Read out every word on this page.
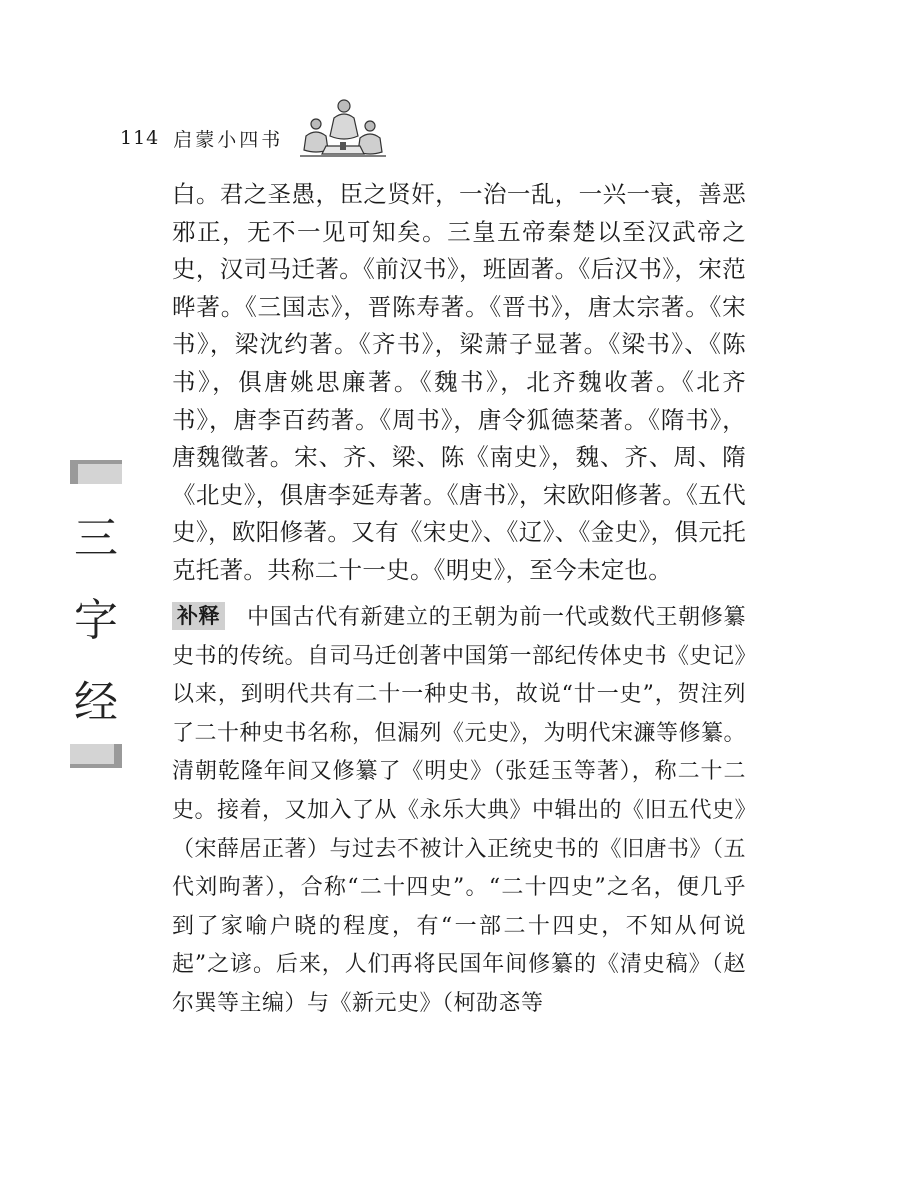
114 启蒙小四书
三字经
白。君之圣愚，臣之贤奸，一治一乱，一兴一衰，善恶邪正，无不一见可知矣。三皇五帝秦楚以至汉武帝之史，汉司马迁著。《前汉书》，班固著。《后汉书》，宋范晔著。《三国志》，晋陈寿著。《晋书》，唐太宗著。《宋书》，梁沈约著。《齐书》，梁萧子显著。《梁书》、《陈书》，俱唐姚思廉著。《魏书》，北齐魏收著。《北齐书》，唐李百药著。《周书》，唐令狐德棻著。《隋书》，唐魏徵著。宋、齐、梁、陈《南史》，魏、齐、周、隋《北史》，俱唐李延寿著。《唐书》，宋欧阳修著。《五代史》，欧阳修著。又有《宋史》、《辽》、《金史》，俱元托克托著。共称二十一史。《明史》，至今未定也。
补释 中国古代有新建立的王朝为前一代或数代王朝修纂史书的传统。自司马迁创著中国第一部纪传体史书《史记》以来，到明代共有二十一种史书，故说“廿一史”，贺注列了二十种史书名称，但漏列《元史》，为明代宋濂等修纂。清朝乾隆年间又修纂了《明史》（张廷玉等著），称二十二史。接着，又加入了从《永乐大典》中辑出的《旧五代史》（宋薛居正著）与过去不被计入正统史书的《旧唐书》（五代刘昫著），合称“二十四史”。“二十四史”之名，便几乎到了家喻户晓的程度，有“一部二十四史，不知从何说起”之谚。后来，人们再将民国年间修纂的《清史稿》（赵尔巽等主编）与《新元史》（柯劭忞等
